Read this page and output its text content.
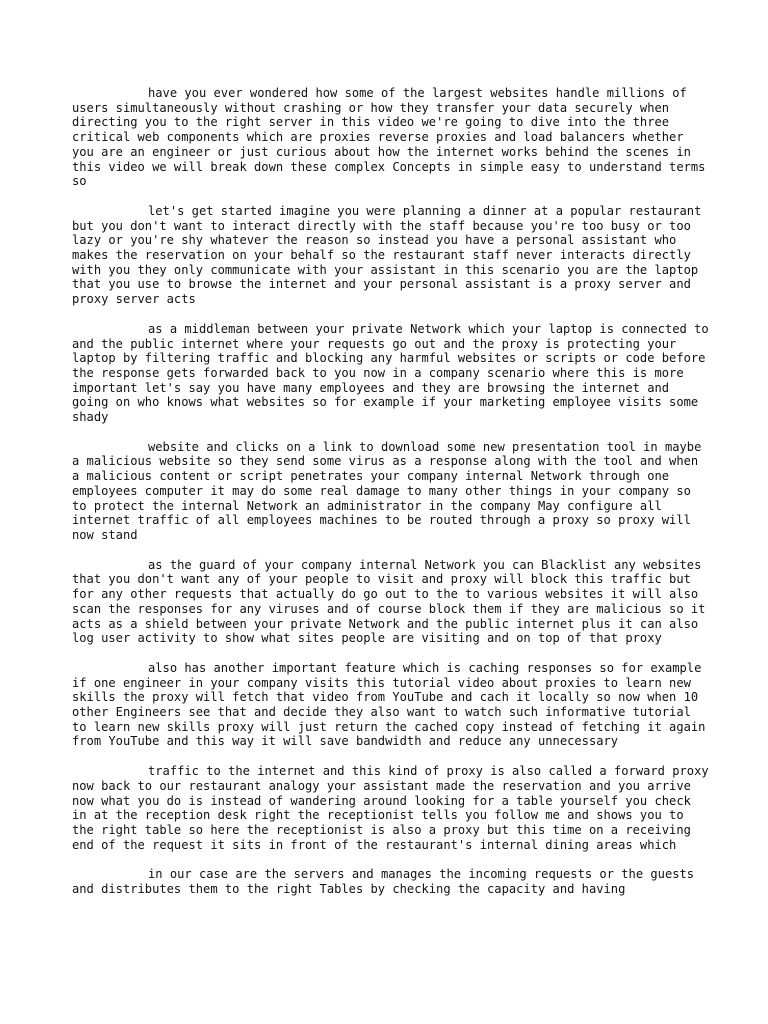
have you ever wondered how some of the largest websites handle millions of users simultaneously without crashing or how they transfer your data securely when directing you to the right server in this video we're going to dive into the three critical web components which are proxies reverse proxies and load balancers whether you are an engineer or just curious about how the internet works behind the scenes in this video we will break down these complex Concepts in simple easy to understand terms so

let's get started imagine you were planning a dinner at a popular restaurant but you don't want to interact directly with the staff because you're too busy or too lazy or you're shy whatever the reason so instead you have a personal assistant who makes the reservation on your behalf so the restaurant staff never interacts directly with you they only communicate with your assistant in this scenario you are the laptop that you use to browse the internet and your personal assistant is a proxy server and proxy server acts

as a middleman between your private Network which your laptop is connected to and the public internet where your requests go out and the proxy is protecting your laptop by filtering traffic and blocking any harmful websites or scripts or code before the response gets forwarded back to you now in a company scenario where this is more important let's say you have many employees and they are browsing the internet and going on who knows what websites so for example if your marketing employee visits some shady

website and clicks on a link to download some new presentation tool in maybe a malicious website so they send some virus as a response along with the tool and when a malicious content or script penetrates your company internal Network through one employees computer it may do some real damage to many other things in your company so to protect the internal Network an administrator in the company May configure all internet traffic of all employees machines to be routed through a proxy so proxy will now stand

as the guard of your company internal Network you can Blacklist any websites that you don't want any of your people to visit and proxy will block this traffic but for any other requests that actually do go out to the to various websites it will also scan the responses for any viruses and of course block them if they are malicious so it acts as a shield between your private Network and the public internet plus it can also log user activity to show what sites people are visiting and on top of that proxy

also has another important feature which is caching responses so for example if one engineer in your company visits this tutorial video about proxies to learn new skills the proxy will fetch that video from YouTube and cach it locally so now when 10 other Engineers see that and decide they also want to watch such informative tutorial to learn new skills proxy will just return the cached copy instead of fetching it again from YouTube and this way it will save bandwidth and reduce any unnecessary

traffic to the internet and this kind of proxy is also called a forward proxy now back to our restaurant analogy your assistant made the reservation and you arrive now what you do is instead of wandering around looking for a table yourself you check in at the reception desk right the receptionist tells you follow me and shows you to the right table so here the receptionist is also a proxy but this time on a receiving end of the request it sits in front of the restaurant's internal dining areas which

in our case are the servers and manages the incoming requests or the guests and distributes them to the right Tables by checking the capacity and having
